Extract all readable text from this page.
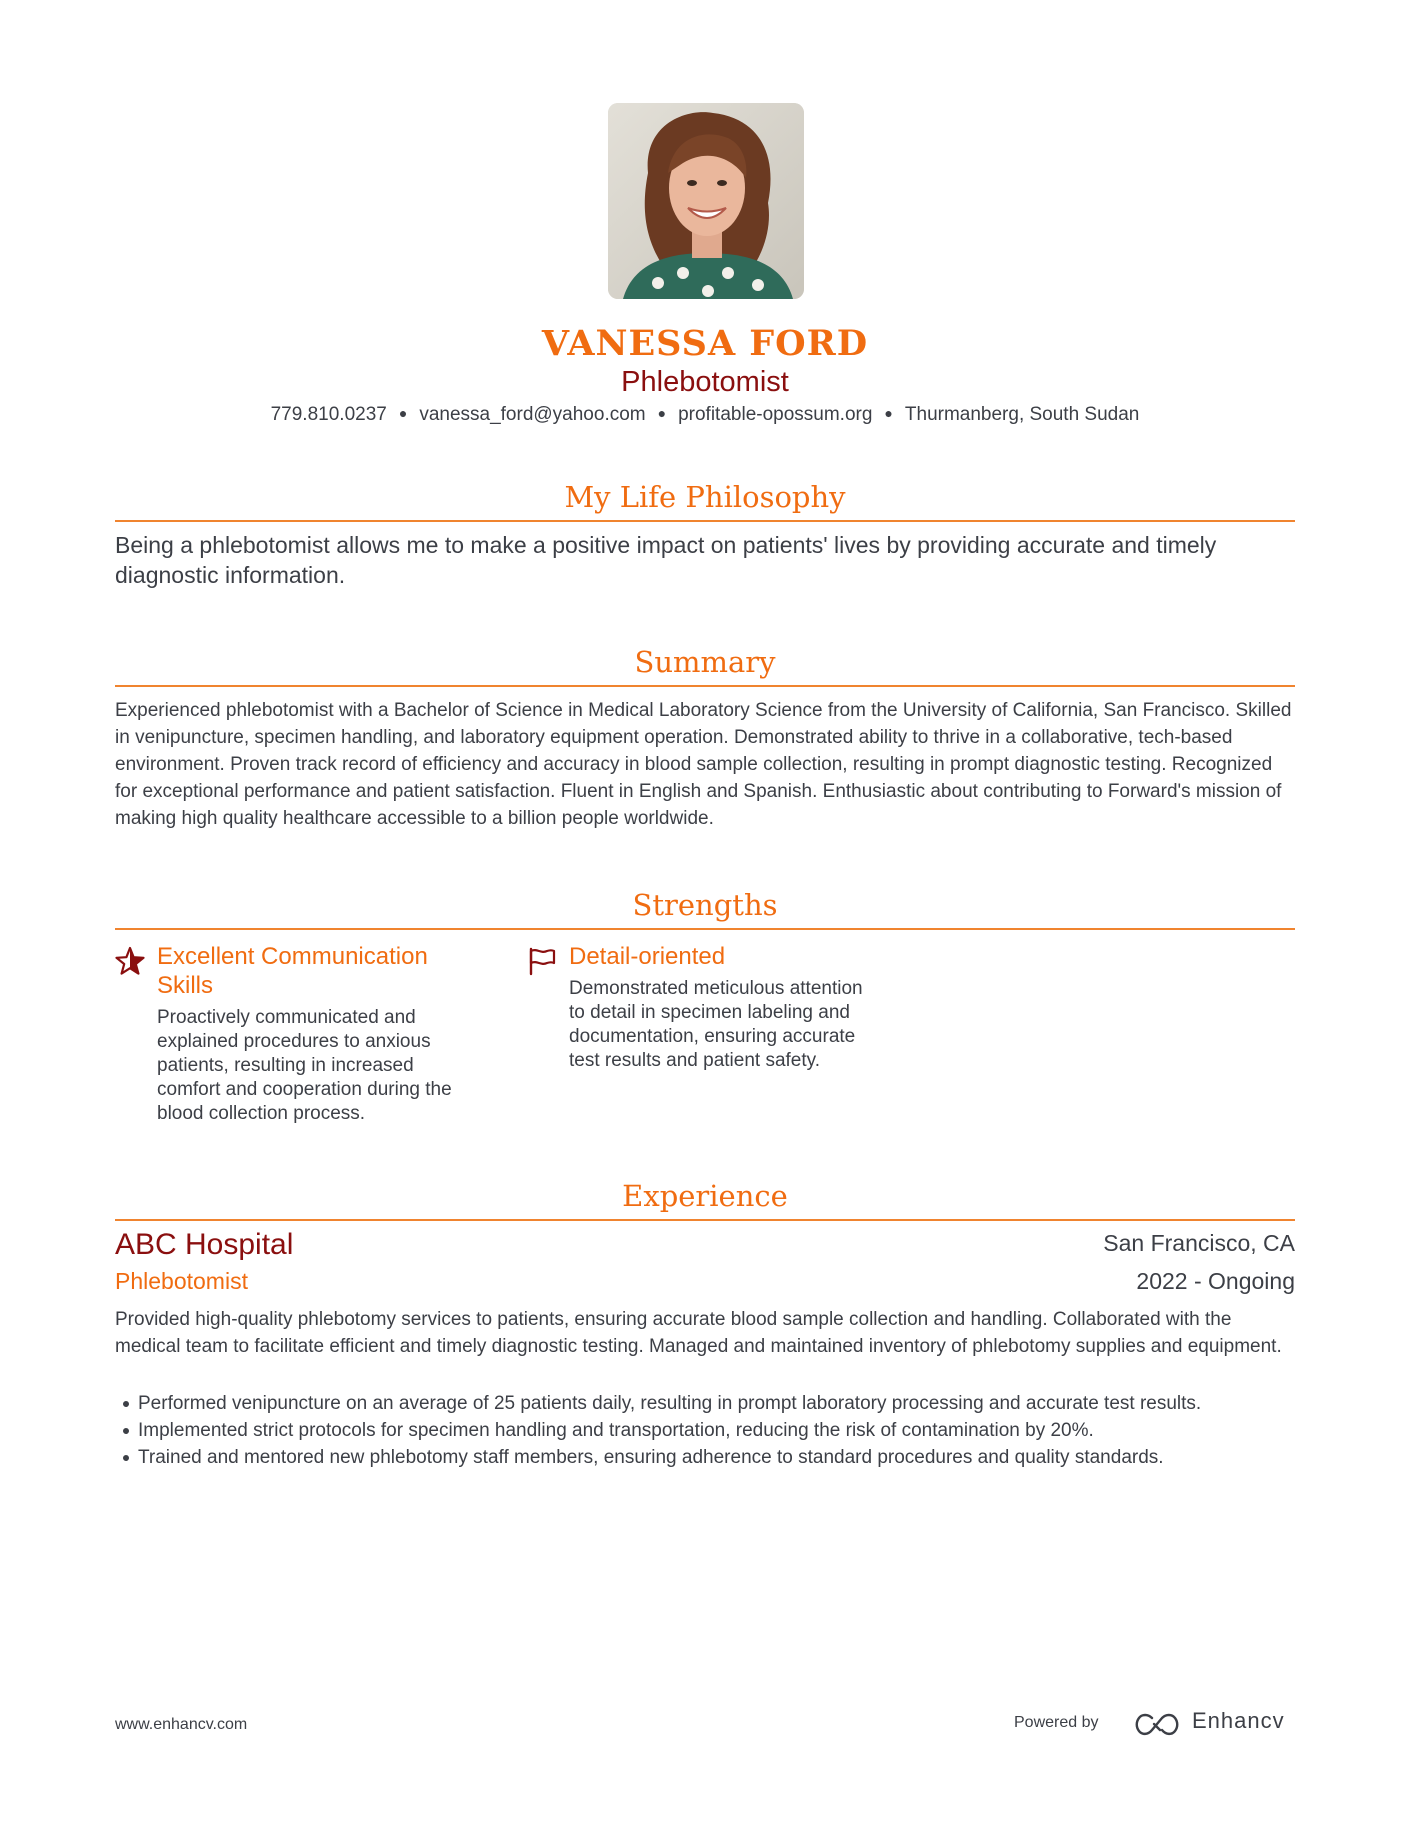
VANESSA FORD
Phlebotomist
779.810.0237 ● vanessa_ford@yahoo.com ● profitable-opossum.org ● Thurmanberg, South Sudan
My Life Philosophy

Being a phlebotomist allows me to make a positive impact on patients' lives by providing accurate and timely diagnostic information.

Summary

Experienced phlebotomist with a Bachelor of Science in Medical Laboratory Science from the University of California, San Francisco. Skilled in venipuncture, specimen handling, and laboratory equipment operation. Demonstrated ability to thrive in a collaborative, tech-based environment. Proven track record of efficiency and accuracy in blood sample collection, resulting in prompt diagnostic testing. Recognized for exceptional performance and patient satisfaction. Fluent in English and Spanish. Enthusiastic about contributing to Forward's mission of making high quality healthcare accessible to a billion people worldwide.

Strengths
Excellent Communication Skills
Proactively communicated and explained procedures to anxious patients, resulting in increased comfort and cooperation during the blood collection process.
Detail-oriented
Demonstrated meticulous attention to detail in specimen labeling and documentation, ensuring accurate test results and patient safety.
Experience
ABC Hospital	San Francisco, CA
Phlebotomist	2022 - Ongoing

Provided high-quality phlebotomy services to patients, ensuring accurate blood sample collection and handling. Collaborated with the medical team to facilitate efficient and timely diagnostic testing. Managed and maintained inventory of phlebotomy supplies and equipment.

Performed venipuncture on an average of 25 patients daily, resulting in prompt laboratory processing and accurate test results.
Implemented strict protocols for specimen handling and transportation, reducing the risk of contamination by 20%.
Trained and mentored new phlebotomy staff members, ensuring adherence to standard procedures and quality standards.
www.enhancv.com	Powered by	Enhancv
